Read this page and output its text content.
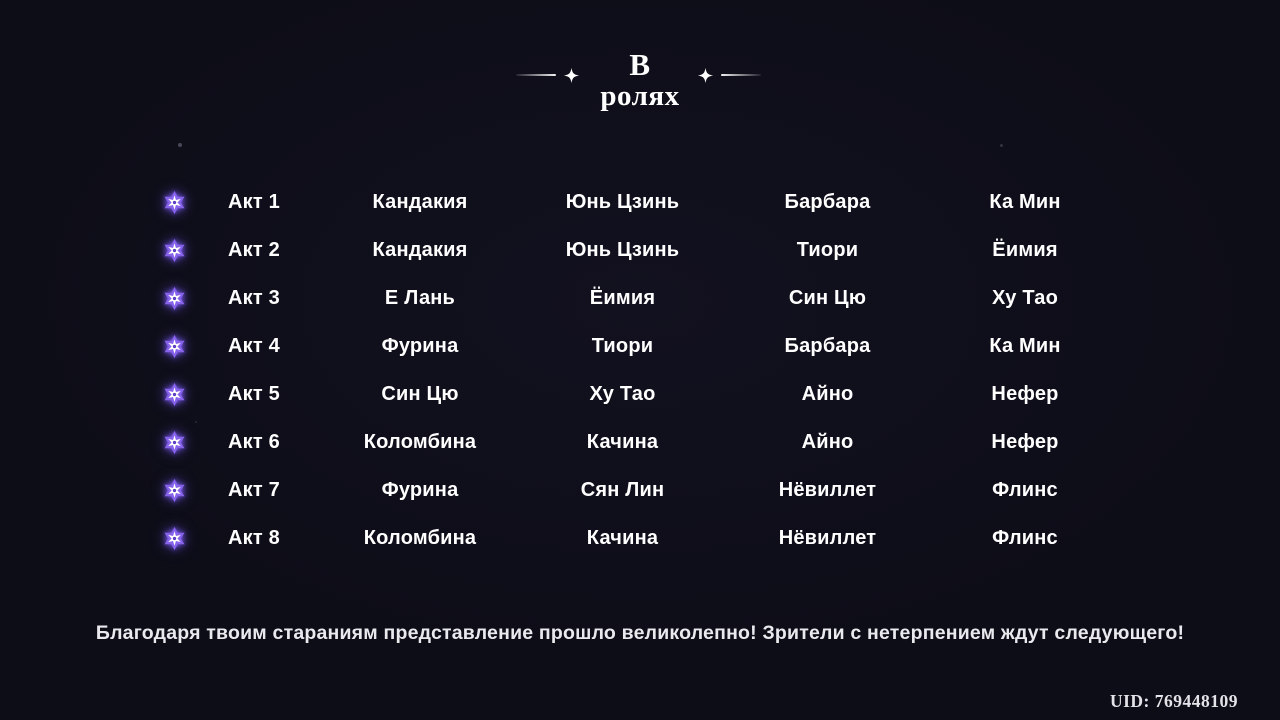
В
ролях
Акт 1	Кандакия	Юнь Цзинь	Барбара	Ка Мин
Акт 2	Кандакия	Юнь Цзинь	Тиори	Ёимия
Акт 3	Е Лань	Ёимия	Син Цю	Ху Тао
Акт 4	Фурина	Тиори	Барбара	Ка Мин
Акт 5	Син Цю	Ху Тао	Айно	Нефер
Акт 6	Коломбина	Качина	Айно	Нефер
Акт 7	Фурина	Сян Лин	Нёвиллет	Флинс
Акт 8	Коломбина	Качина	Нёвиллет	Флинс
Благодаря твоим стараниям представление прошло великолепно! Зрители с нетерпением ждут следующего!
UID: 769448109
